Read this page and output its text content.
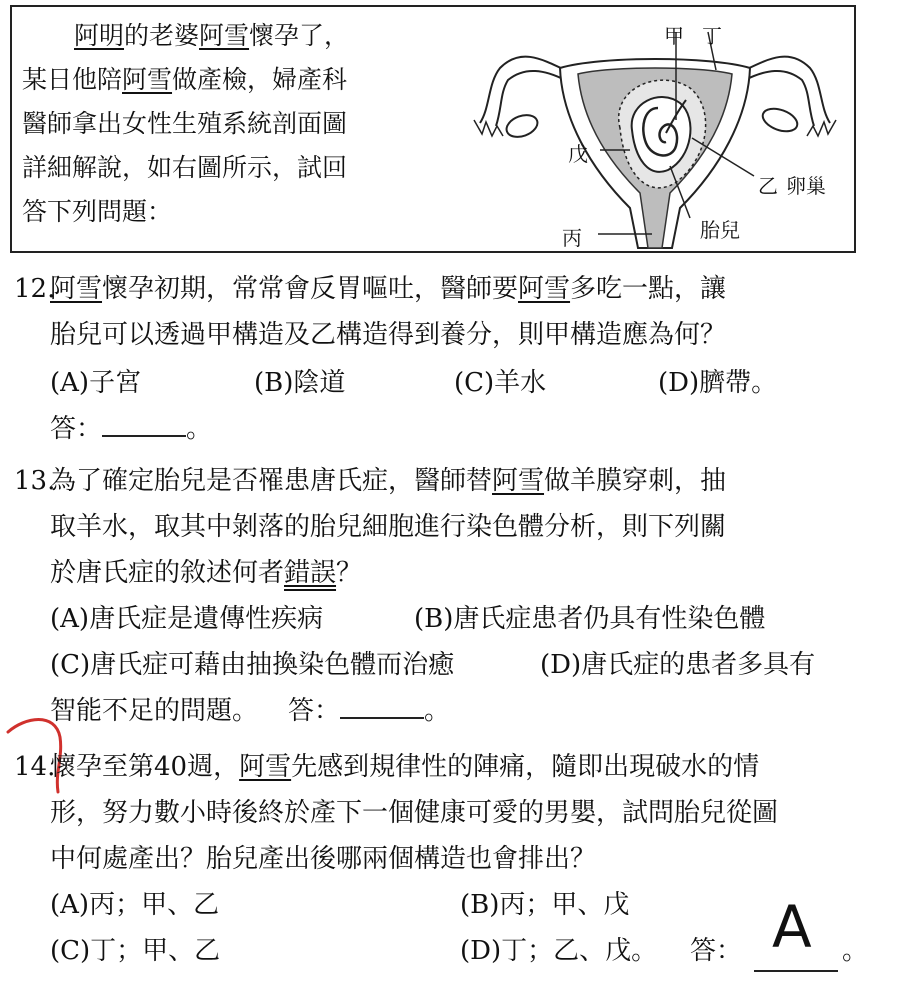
阿明的老婆阿雪懷孕了，
某日他陪阿雪做產檢，婦產科
醫師拿出女性生殖系統剖面圖
詳細解說，如右圖所示，試回
答下列問題：
甲 丁
戊
乙 卵巢
丙	胎兒
12.
阿雪懷孕初期，常常會反胃嘔吐，醫師要阿雪多吃一點，讓
胎兒可以透過甲構造及乙構造得到養分，則甲構造應為何？
(A)子宮	(B)陰道	(C)羊水	(D)臍帶。
答：	。
13.
為了確定胎兒是否罹患唐氏症，醫師替阿雪做羊膜穿刺，抽
取羊水，取其中剝落的胎兒細胞進行染色體分析，則下列關
於唐氏症的敘述何者錯誤？
(A)唐氏症是遺傳性疾病	(B)唐氏症患者仍具有性染色體
(C)唐氏症可藉由抽換染色體而治癒	(D)唐氏症的患者多具有
智能不足的問題。 答：	。
14.
懷孕至第40週，阿雪先感到規律性的陣痛，隨即出現破水的情
形，努力數小時後終於產下一個健康可愛的男嬰，試問胎兒從圖
中何處產出？胎兒產出後哪兩個構造也會排出？
(A)丙；甲、乙	(B)丙；甲、戊
(C)丁；甲、乙	(D)丁；乙、戊。 答： A 。
